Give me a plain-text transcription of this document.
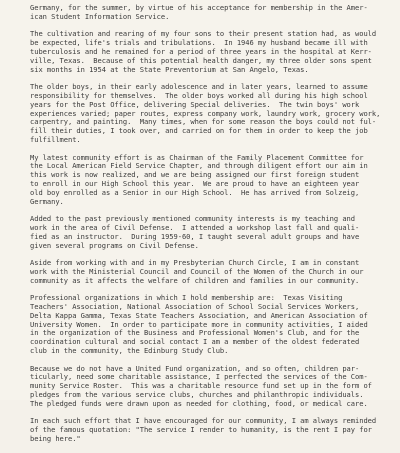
Germany, for the summer, by virtue of his acceptance for membership in the Amer-
ican Student Information Service.
The cultivation and rearing of my four sons to their present station had, as would
be expected, life's trials and tribulations.  In 1946 my husband became ill with
tuberculosis and he remained for a period of three years in the hospital at Kerr-
ville, Texas.  Because of this potential health danger, my three older sons spent
six months in 1954 at the State Preventorium at San Angelo, Texas.
The older boys, in their early adolescence and in later years, learned to assume
responsibility for themselves.  The older boys worked all during his high school
years for the Post Office, delivering Special deliveries.  The twin boys' work
experiences varied; paper routes, express company work, laundry work, grocery work,
carpentry, and painting.  Many times, when for some reason the boys could not ful-
fill their duties, I took over, and carried on for them in order to keep the job
fulfillment.
My latest community effort is as Chairman of the Family Placement Committee for
the Local American Field Service Chapter, and through diligent effort our aim in
this work is now realized, and we are being assigned our first foreign student
to enroll in our High School this year.  We are proud to have an eighteen year
old boy enrolled as a Senior in our High School.  He has arrived from Solzeig,
Germany.
Added to the past previously mentioned community interests is my teaching and
work in the area of Civil Defense.  I attended a workshop last fall and quali-
fied as an instructor.  During 1959-60, I taught several adult groups and have
given several programs on Civil Defense.
Aside from working with and in my Presbyterian Church Circle, I am in constant
work with the Ministerial Council and Council of the Women of the Church in our
community as it affects the welfare of children and families in our community.
Professional organizations in which I hold membership are:  Texas Visiting
Teachers' Association, National Association of School Social Services Workers,
Delta Kappa Gamma, Texas State Teachers Association, and American Association of
University Women.  In order to participate more in community activities, I aided
in the organization of the Business and Professional Women's Club, and for the
coordination cultural and social contact I am a member of the oldest federated
club in the community, the Edinburg Study Club.
Because we do not have a United Fund organization, and so often, children par-
ticularly, need some charitable assistance, I perfected the services of the Com-
munity Service Roster.  This was a charitable resource fund set up in the form of
pledges from the various service clubs, churches and philanthropic individuals.
The pledged funds were drawn upon as needed for clothing, food, or medical care.
In each such effort that I have encouraged for our community, I am always reminded
of the famous quotation: "The service I render to humanity, is the rent I pay for
being here."
